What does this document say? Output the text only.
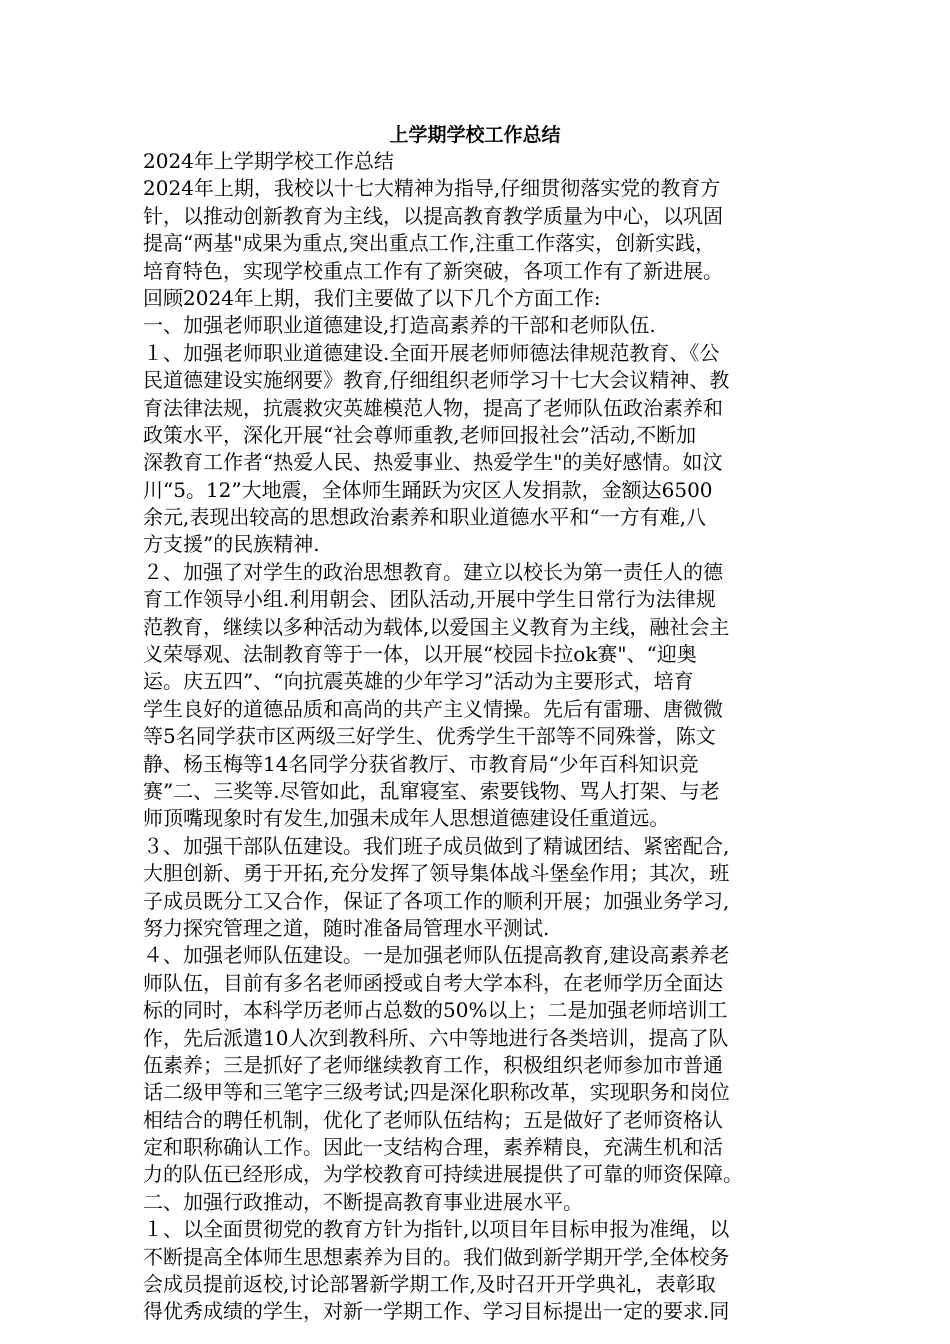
上学期学校工作总结
2024年上学期学校工作总结
2024年上期，我校以十七大精神为指导,仔细贯彻落实党的教育方
针，以推动创新教育为主线，以提高教育教学质量为中心，以巩固
提高“两基"成果为重点,突出重点工作,注重工作落实，创新实践，
培育特色，实现学校重点工作有了新突破，各项工作有了新进展。
回顾2024年上期，我们主要做了以下几个方面工作:
一、加强老师职业道德建设,打造高素养的干部和老师队伍.
１、加强老师职业道德建设.全面开展老师师德法律规范教育、《公
民道德建设实施纲要》教育,仔细组织老师学习十七大会议精神、教
育法律法规，抗震救灾英雄模范人物，提高了老师队伍政治素养和
政策水平，深化开展“社会尊师重教,老师回报社会”活动,不断加
深教育工作者“热爱人民、热爱事业、热爱学生"的美好感情。如汶
川“5。12”大地震，全体师生踊跃为灾区人发捐款，金额达6500
余元,表现出较高的思想政治素养和职业道德水平和“一方有难,八
方支援”的民族精神.
２、加强了对学生的政治思想教育。建立以校长为第一责任人的德
育工作领导小组.利用朝会、团队活动,开展中学生日常行为法律规
范教育，继续以多种活动为载体,以爱国主义教育为主线，融社会主
义荣辱观、法制教育等于一体，以开展“校园卡拉ok赛"、“迎奥
运。庆五四”、“向抗震英雄的少年学习”活动为主要形式，培育
学生良好的道德品质和高尚的共产主义情操。先后有雷珊、唐微微
等5名同学获市区两级三好学生、优秀学生干部等不同殊誉，陈文
静、杨玉梅等14名同学分获省教厅、市教育局“少年百科知识竞
赛”二、三奖等.尽管如此，乱窜寝室、索要钱物、骂人打架、与老
师顶嘴现象时有发生,加强未成年人思想道德建设任重道远。
３、加强干部队伍建设。我们班子成员做到了精诚团结、紧密配合,
大胆创新、勇于开拓,充分发挥了领导集体战斗堡垒作用；其次，班
子成员既分工又合作，保证了各项工作的顺利开展；加强业务学习,
努力探究管理之道，随时准备局管理水平测试.
４、加强老师队伍建设。一是加强老师队伍提高教育,建设高素养老
师队伍，目前有多名老师函授或自考大学本科，在老师学历全面达
标的同时，本科学历老师占总数的50%以上；二是加强老师培训工
作，先后派遣10人次到教科所、六中等地进行各类培训，提高了队
伍素养；三是抓好了老师继续教育工作，积极组织老师参加市普通
话二级甲等和三笔字三级考试;四是深化职称改革，实现职务和岗位
相结合的聘任机制，优化了老师队伍结构；五是做好了老师资格认
定和职称确认工作。因此一支结构合理，素养精良，充满生机和活
力的队伍已经形成，为学校教育可持续进展提供了可靠的师资保障。
二、加强行政推动，不断提高教育事业进展水平。
１、以全面贯彻党的教育方针为指针,以项目年目标申报为准绳，以
不断提高全体师生思想素养为目的。我们做到新学期开学,全体校务
会成员提前返校,讨论部署新学期工作,及时召开开学典礼，表彰取
得优秀成绩的学生，对新一学期工作、学习目标提出一定的要求.同
